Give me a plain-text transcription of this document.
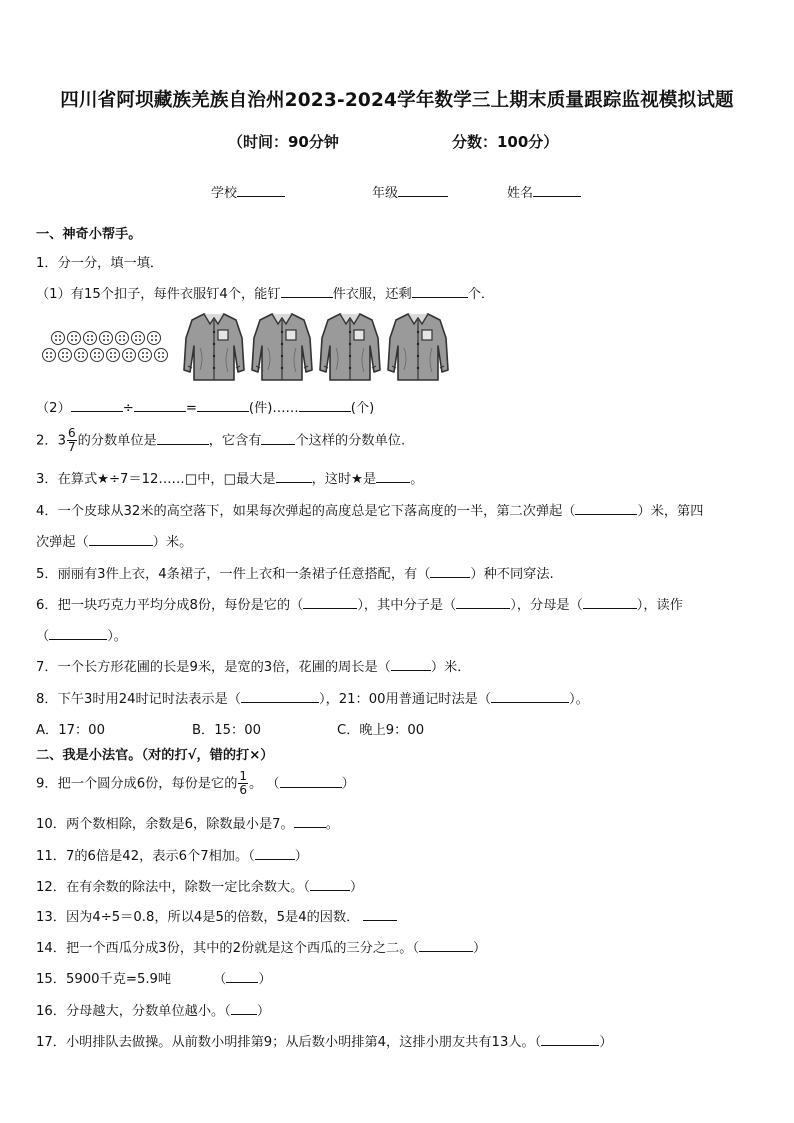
四川省阿坝藏族羌族自治州2023-2024学年数学三上期末质量跟踪监视模拟试题
（时间：90分钟	分数：100分）
学校	年级	姓名
一、神奇小帮手。
1．分一分，填一填．
（1）有15个扣子，每件衣服钉4个，能钉	件衣服，还剩	个．
（2）	÷	=	(件)……	(个)
2．$3 \frac{6}{7}$ 的分数单位是	，它含有	个这样的分数单位.
3．在算式★÷7＝12……□中，□最大是	，这时★是	。
4．一个皮球从32米的高空落下，如果每次弹起的高度总是它下落高度的一半，第二次弹起（	）米，第四
次弹起（	）米。
5．丽丽有3件上衣，4条裙子，一件上衣和一条裙子任意搭配，有（	）种不同穿法.
6．把一块巧克力平均分成8份，每份是它的（	），其中分子是（	），分母是（	），读作
（	）。
7．一个长方形花圃的长是9米，是宽的3倍，花圃的周长是（	）米．
8．下午3时用24时记时法表示是（	），21：00用普通记时法是（	）。
A．17：00	B．15：00	C．晚上9：00
二、我是小法官。（对的打√，错的打×）
9．把一个圆分成6份，每份是它的 $\frac{1}{6}$ 。 （	）
10．两个数相除，余数是6，除数最小是7。 。
11．7的6倍是42，表示6个7相加。（	）
12．在有余数的除法中，除数一定比余数大。（	）
13．因为4÷5＝0.8，所以4是5的倍数，5是4的因数．
14．把一个西瓜分成3份，其中的2份就是这个西瓜的三分之二。（	）
15．5900千克=5.9吨	（ ）
16．分母越大，分数单位越小。（ ）
17．小明排队去做操。从前数小明排第9；从后数小明排第4，这排小朋友共有13人。（	）
